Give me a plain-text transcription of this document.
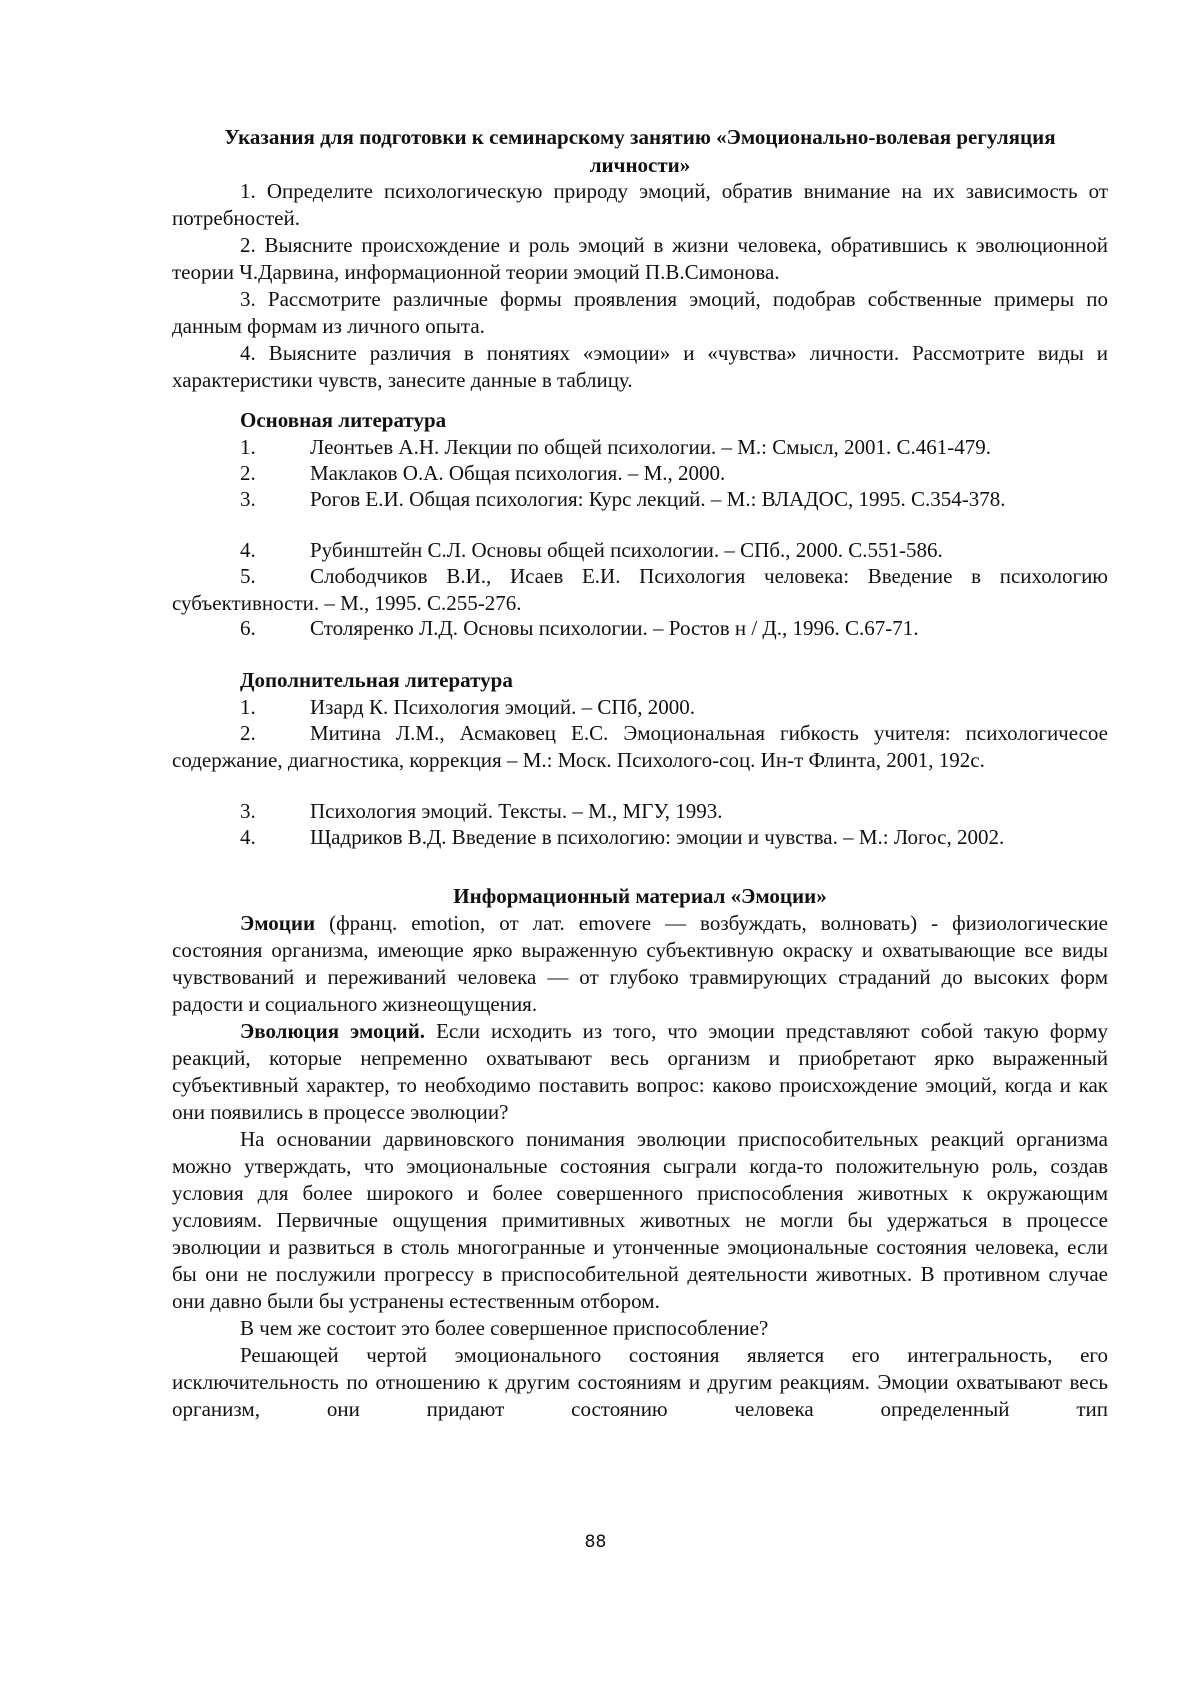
Указания для подготовки к семинарскому занятию «Эмоционально-волевая регуляция личности»

1. Определите психологическую природу эмоций, обратив внимание на их зависимость от потребностей.

2. Выясните происхождение и роль эмоций в жизни человека, обратившись к эволюционной теории Ч.Дарвина, информационной теории эмоций П.В.Симонова.

3. Рассмотрите различные формы проявления эмоций, подобрав собственные примеры по данным формам из личного опыта.

4. Выясните различия в понятиях «эмоции» и «чувства» личности. Рассмотрите виды и характеристики чувств, занесите данные в таблицу.

Основная литература
1.	Леонтьев А.Н. Лекции по общей психологии. – М.: Смысл, 2001. С.461-479.
2.	Маклаков О.А. Общая психология. – М., 2000.
3.	Рогов Е.И. Общая психология: Курс лекций. – М.: ВЛАДОС, 1995. С.354-378.
4.	Рубинштейн С.Л. Основы общей психологии. – СПб., 2000. С.551-586.
5.	Слободчиков В.И., Исаев Е.И. Психология человека: Введение в психологию субъективности. – М., 1995. С.255-276.
6.	Столяренко Л.Д. Основы психологии. – Ростов н / Д., 1996. С.67-71.
Дополнительная литература
1.	Изард К. Психология эмоций. – СПб, 2000.
2.	Митина Л.М., Асмаковец Е.С. Эмоциональная гибкость учителя: психологичесое содержание, диагностика, коррекция – М.: Моск. Психолого-соц. Ин-т Флинта, 2001, 192с.
3.	Психология эмоций. Тексты. – М., МГУ, 1993.
4.	Щадриков В.Д. Введение в психологию: эмоции и чувства. – М.: Логос, 2002.
Информационный материал «Эмоции»

Эмоции (франц. emotion, от лат. emovere — возбуждать, волновать) - физиологические состояния организма, имеющие ярко выраженную субъективную окраску и охватывающие все виды чувствований и переживаний человека — от глубоко травмирующих страданий до высоких форм радости и социального жизнеощущения.

Эволюция эмоций. Если исходить из того, что эмоции представляют собой такую форму реакций, которые непременно охватывают весь организм и приобретают ярко выраженный субъективный характер, то необходимо поставить вопрос: каково происхождение эмоций, когда и как они появились в процессе эволюции?

На основании дарвиновского понимания эволюции приспособительных реакций организма можно утверждать, что эмоциональные состояния сыграли когда-то положительную роль, создав условия для более широкого и более совершенного приспособления животных к окружающим условиям. Первичные ощущения примитивных животных не могли бы удержаться в процессе эволюции и развиться в столь многогранные и утонченные эмоциональные состояния человека, если бы они не послужили прогрессу в приспособительной деятельности животных. В противном случае они давно были бы устранены естественным отбором.

В чем же состоит это более совершенное приспособление?

Решающей чертой эмоционального состояния является его интегральность, его исключительность по отношению к другим состояниям и другим реакциям. Эмоции охватывают весь организм, они придают состоянию человека определенный тип

88
